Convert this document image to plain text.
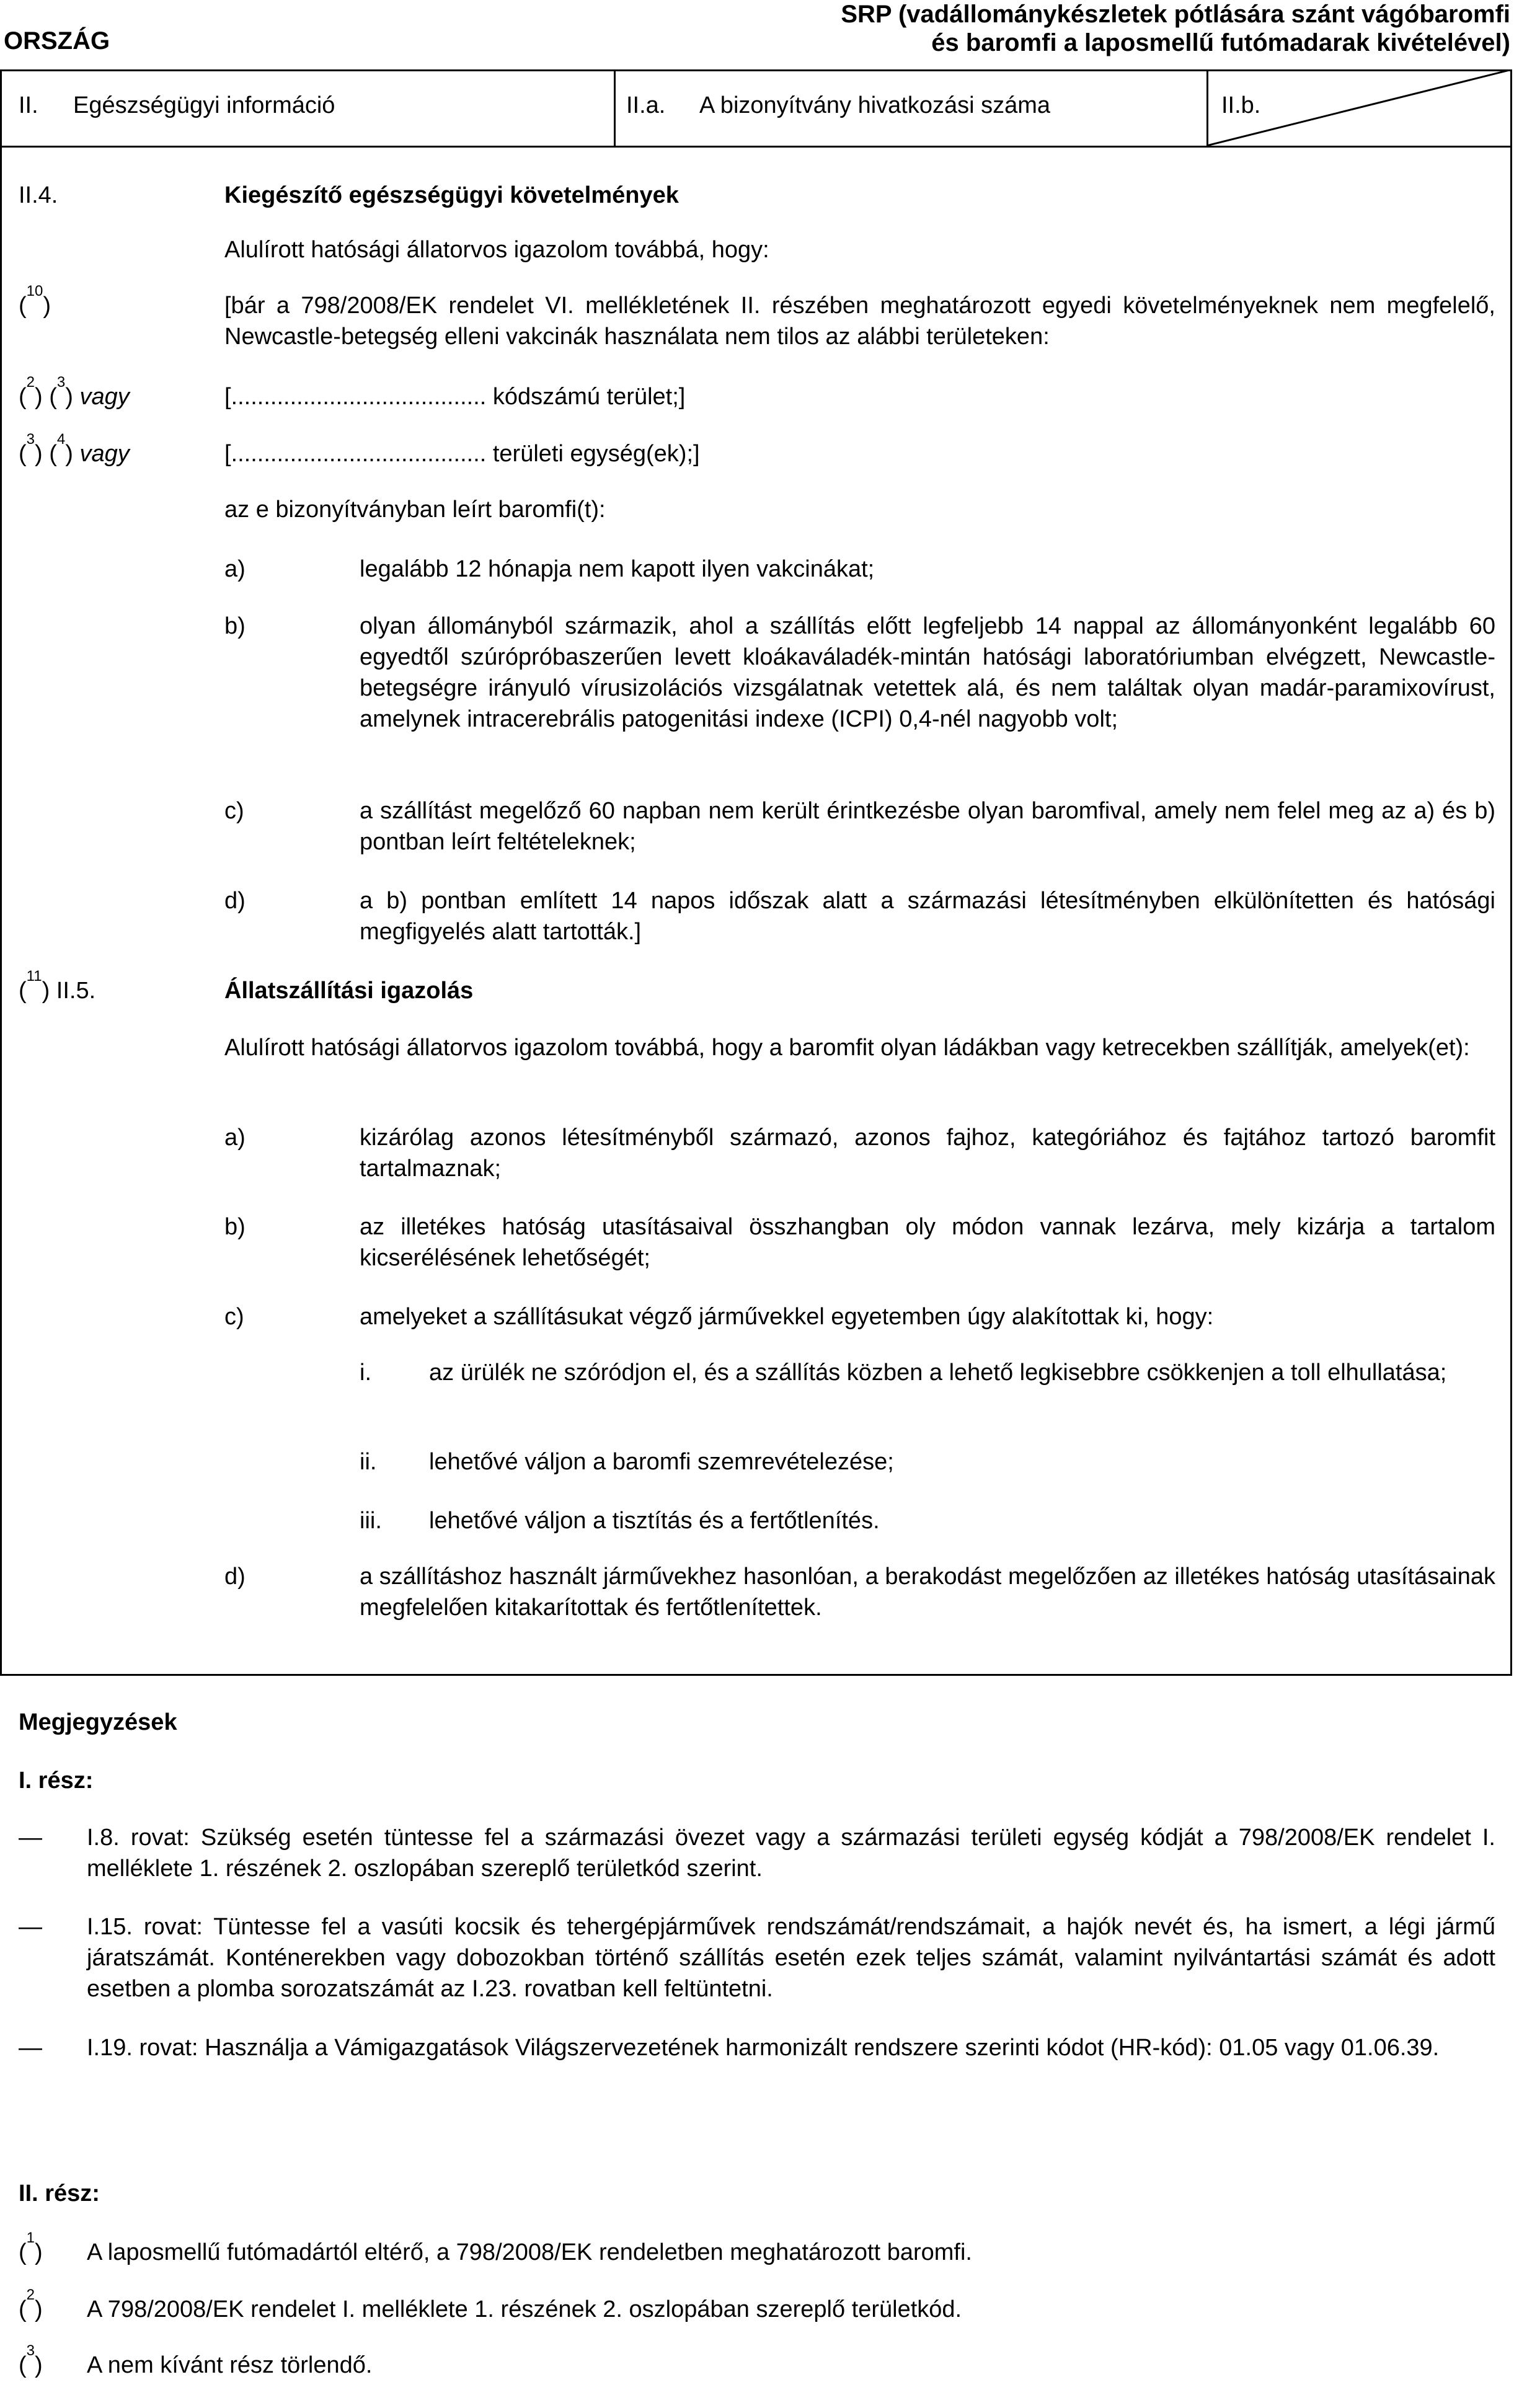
ORSZÁG
SRP (vadállománykészletek pótlására szánt vágóbaromfi
és baromfi a laposmellű futómadarak kivételével)
II. Egészségügyi információ	II.a. A bizonyítvány hivatkozási száma	II.b.
II.4.	Kiegészítő egészségügyi követelmények
Alulírott hatósági állatorvos igazolom továbbá, hogy:
($^{10}$)	[bár a 798/2008/EK rendelet VI. mellékletének II. részében meghatározott egyedi követelményeknek nem megfelelő, Newcastle-betegség elleni vakcinák használata nem tilos az alábbi területeken:
($^2$) ($^3$) vagy	[....................................... kódszámú terület;]
($^3$) ($^4$) vagy	[....................................... területi egység(ek);]
az e bizonyítványban leírt baromfi(t):
a)	legalább 12 hónapja nem kapott ilyen vakcinákat;
b)	olyan állományból származik, ahol a szállítás előtt legfeljebb 14 nappal az állományonként legalább 60 egyedtől szúrópróbaszerűen levett kloákaváladék-mintán hatósági laboratóriumban elvégzett, Newcastle-betegségre irányuló vírusizolációs vizsgálatnak vetettek alá, és nem találtak olyan madár-paramixovírust, amelynek intracerebrális patogenitási indexe (ICPI) 0,4-nél nagyobb volt;
c)	a szállítást megelőző 60 napban nem került érintkezésbe olyan baromfival, amely nem felel meg az a) és b) pontban leírt feltételeknek;
d)	a b) pontban említett 14 napos időszak alatt a származási létesítményben elkülönítetten és hatósági megfigyelés alatt tartották.]
($^{11}$) II.5.	Állatszállítási igazolás
Alulírott hatósági állatorvos igazolom továbbá, hogy a baromfit olyan ládákban vagy ketrecekben szállítják, amelyek(et):
a)	kizárólag azonos létesítményből származó, azonos fajhoz, kategóriához és fajtához tartozó baromfit tartalmaznak;
b)	az illetékes hatóság utasításaival összhangban oly módon vannak lezárva, mely kizárja a tartalom kicserélésének lehetőségét;
c)	amelyeket a szállításukat végző járművekkel egyetemben úgy alakítottak ki, hogy:
i. az ürülék ne szóródjon el, és a szállítás közben a lehető legkisebbre csökkenjen a toll elhullatása;
ii. lehetővé váljon a baromfi szemrevételezése;
iii. lehetővé váljon a tisztítás és a fertőtlenítés.
d)	a szállításhoz használt járművekhez hasonlóan, a berakodást megelőzően az illetékes hatóság utasításainak megfelelően kitakarítottak és fertőtlenítettek.
Megjegyzések
I. rész:
— I.8. rovat: Szükség esetén tüntesse fel a származási övezet vagy a származási területi egység kódját a 798/2008/EK rendelet I. melléklete 1. részének 2. oszlopában szereplő területkód szerint.
— I.15. rovat: Tüntesse fel a vasúti kocsik és tehergépjárművek rendszámát/rendszámait, a hajók nevét és, ha ismert, a légi jármű járatszámát. Konténerekben vagy dobozokban történő szállítás esetén ezek teljes számát, valamint nyilvántartási számát és adott esetben a plomba sorozatszámát az I.23. rovatban kell feltüntetni.
— I.19. rovat: Használja a Vámigazgatások Világszervezetének harmonizált rendszere szerinti kódot (HR-kód): 01.05 vagy 01.06.39.
II. rész:
($^1$) A laposmellű futómadártól eltérő, a 798/2008/EK rendeletben meghatározott baromfi.
($^2$) A 798/2008/EK rendelet I. melléklete 1. részének 2. oszlopában szereplő területkód.
($^3$) A nem kívánt rész törlendő.
